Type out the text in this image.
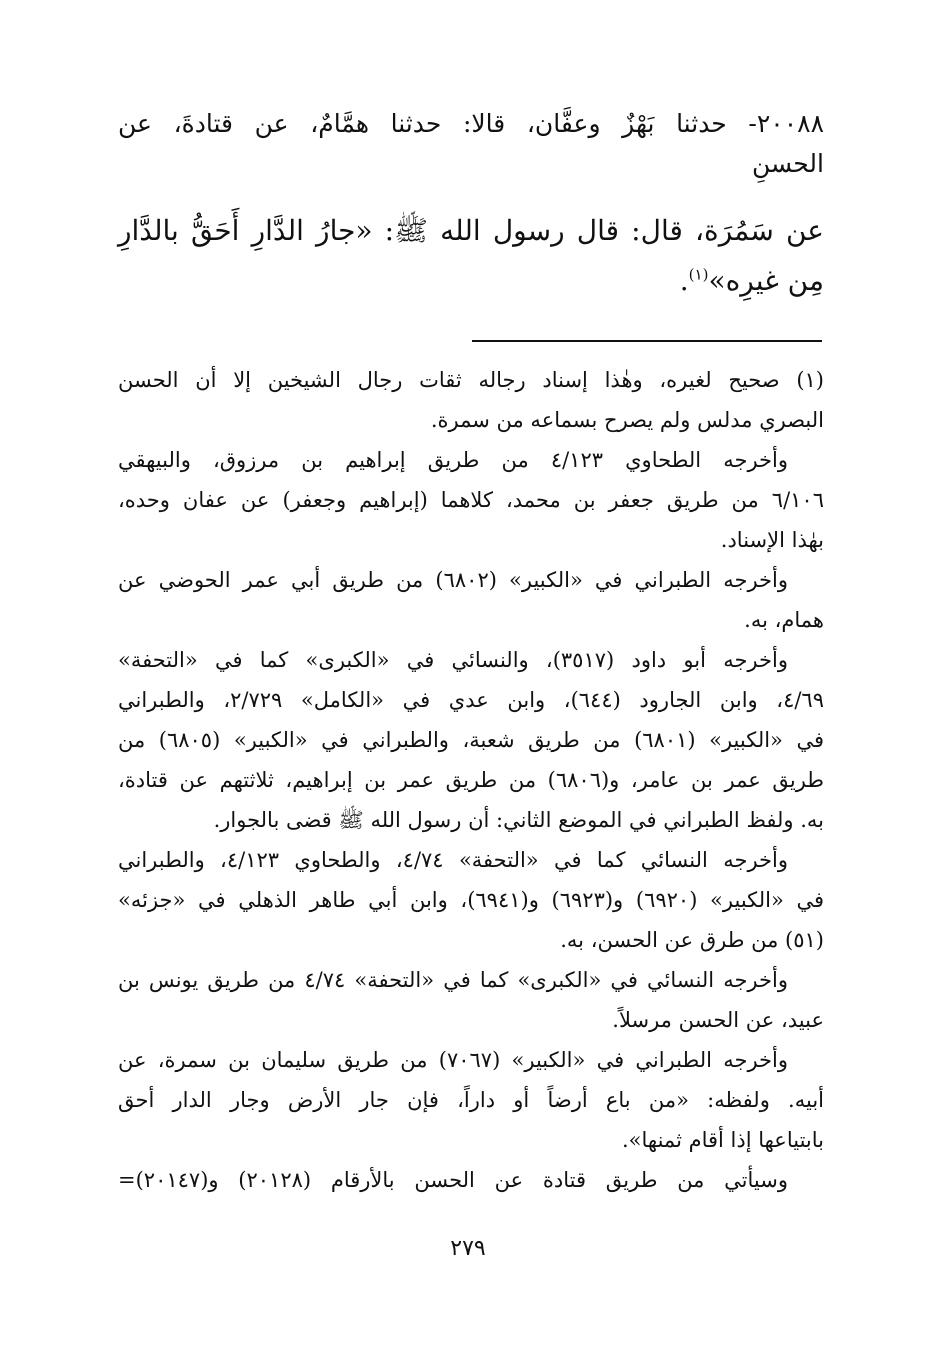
٢٠٠٨٨- حدثنا بَهْزٌ وعفَّان، قالا: حدثنا همَّامٌ، عن قتادةَ، عن
الحسنِ
عن سَمُرَة، قال: قال رسول الله ﷺ: «جارُ الدَّارِ أَحَقُّ بالدَّارِ
مِن غيرِه»$^{(١)}$.
(١) صحيح لغيره، وهٰذا إسناد رجاله ثقات رجال الشيخين إلا أن الحسن
البصري مدلس ولم يصرح بسماعه من سمرة.
وأخرجه الطحاوي ٤/١٢٣ من طريق إبراهيم بن مرزوق، والبيهقي
٦/١٠٦ من طريق جعفر بن محمد، كلاهما (إبراهيم وجعفر) عن عفان وحده،
بهٰذا الإسناد.
وأخرجه الطبراني في «الكبير» (٦٨٠٢) من طريق أبي عمر الحوضي عن
همام، به.
وأخرجه أبو داود (٣٥١٧)، والنسائي في «الكبرى» كما في «التحفة»
٤/٦٩، وابن الجارود (٦٤٤)، وابن عدي في «الكامل» ٢/٧٢٩، والطبراني
في «الكبير» (٦٨٠١) من طريق شعبة، والطبراني في «الكبير» (٦٨٠٥) من
طريق عمر بن عامر، و(٦٨٠٦) من طريق عمر بن إبراهيم، ثلاثتهم عن قتادة،
به. ولفظ الطبراني في الموضع الثاني: أن رسول الله ﷺ قضى بالجوار.
وأخرجه النسائي كما في «التحفة» ٤/٧٤، والطحاوي ٤/١٢٣، والطبراني
في «الكبير» (٦٩٢٠) و(٦٩٢٣) و(٦٩٤١)، وابن أبي طاهر الذهلي في «جزئه»
(٥١) من طرق عن الحسن، به.
وأخرجه النسائي في «الكبرى» كما في «التحفة» ٤/٧٤ من طريق يونس بن
عبيد، عن الحسن مرسلاً.
وأخرجه الطبراني في «الكبير» (٧٠٦٧) من طريق سليمان بن سمرة، عن
أبيه. ولفظه: «من باع أرضاً أو داراً، فإن جار الأرض وجار الدار أحق
بابتياعها إذا أقام ثمنها».
وسيأتي من طريق قتادة عن الحسن بالأرقام (٢٠١٢٨) و(٢٠١٤٧)=
٢٧٩
